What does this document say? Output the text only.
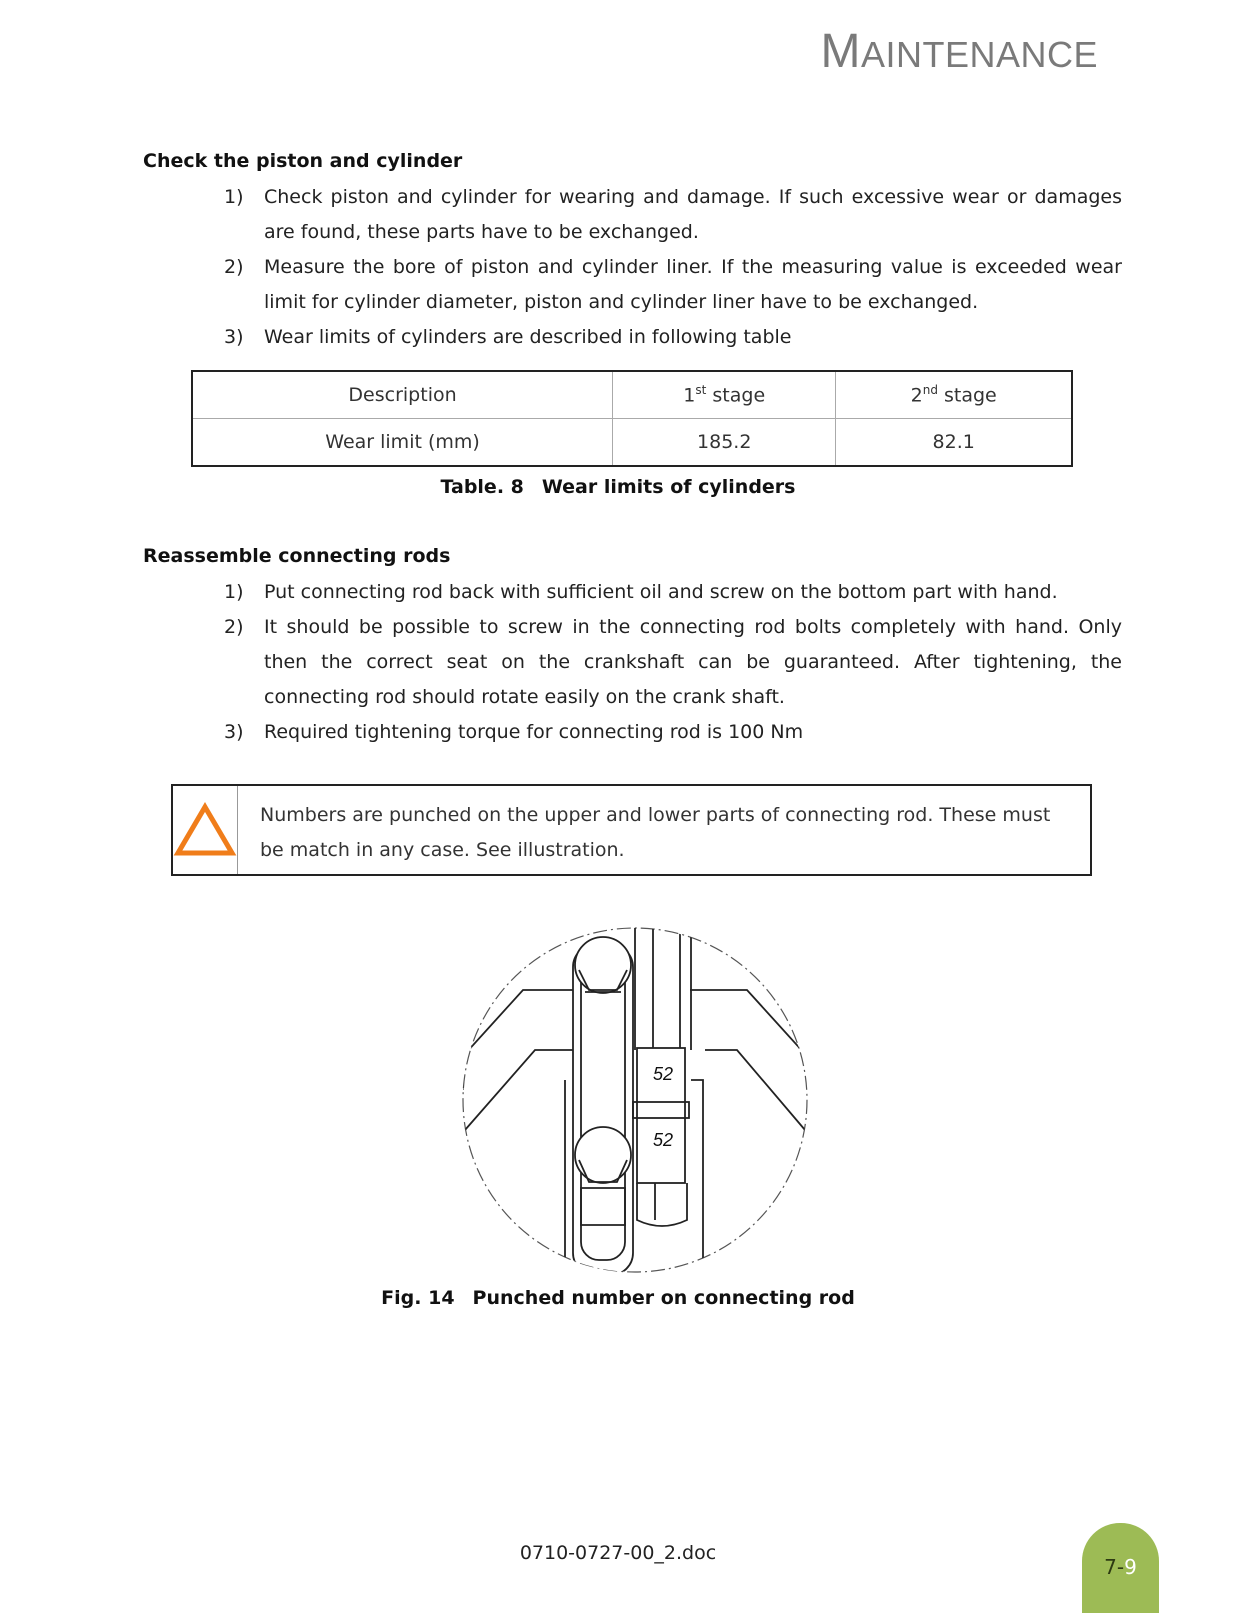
MAINTENANCE
Check the piston and cylinder
1) Check piston and cylinder for wearing and damage. If such excessive wear or damages are found, these parts have to be exchanged.
2) Measure the bore of piston and cylinder liner. If the measuring value is exceeded wear limit for cylinder diameter, piston and cylinder liner have to be exchanged.
3) Wear limits of cylinders are described in following table
Description	1st stage	2nd stage
Wear limit (mm)	185.2	82.1
Table. 8 Wear limits of cylinders
Reassemble connecting rods
1) Put connecting rod back with sufficient oil and screw on the bottom part with hand.
2) It should be possible to screw in the connecting rod bolts completely with hand. Only then the correct seat on the crankshaft can be guaranteed. After tightening, the connecting rod should rotate easily on the crank shaft.
3) Required tightening torque for connecting rod is 100 Nm
Numbers are punched on the upper and lower parts of connecting rod. These must be match in any case. See illustration.
52
52
Fig. 14 Punched number on connecting rod
0710-0727-00_2.doc
7- 9
